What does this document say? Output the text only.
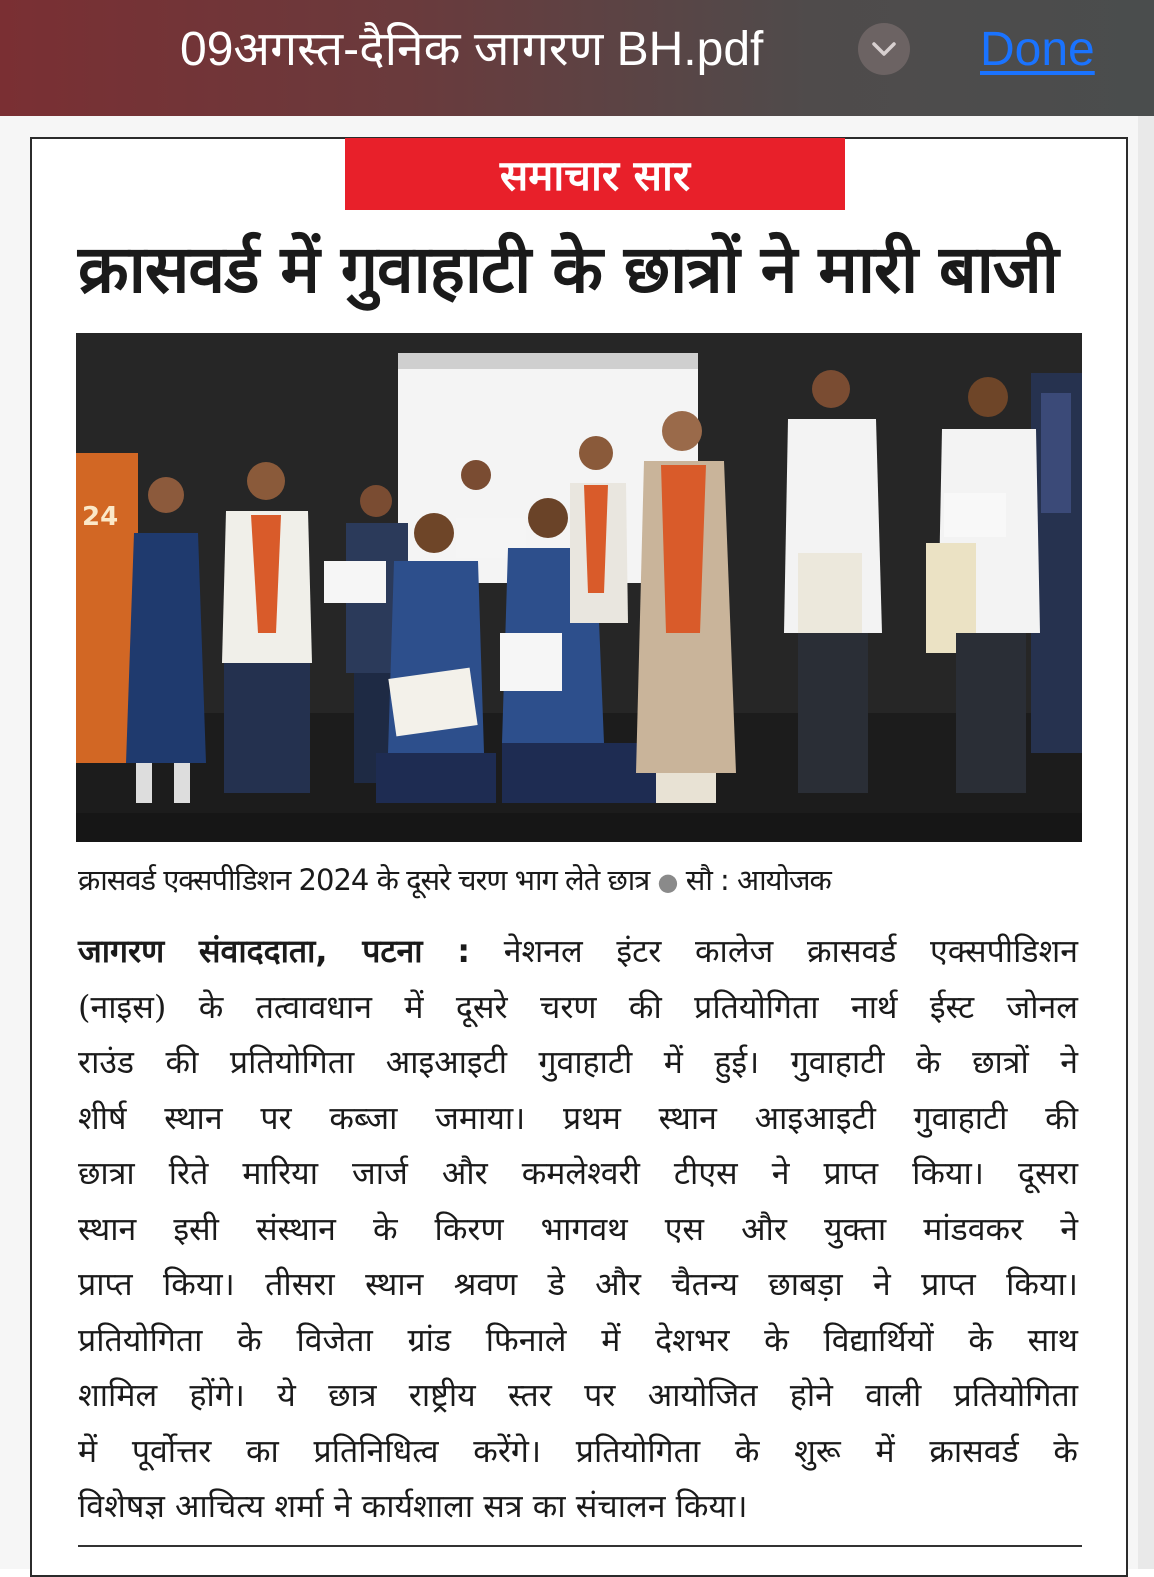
09अगस्त-दैनिक जागरण BH.pdf	Done
समाचार सार
क्रासवर्ड में गुवाहाटी के छात्रों ने मारी बाजी
24
क्रासवर्ड एक्सपीडिशन 2024 के दूसरे चरण भाग लेते छात्र ● सौ : आयोजक
जागरण संवाददाता, पटना : नेशनल इंटर कालेज क्रासवर्ड एक्सपीडिशन
(नाइस) के तत्वावधान में दूसरे चरण की प्रतियोगिता नार्थ ईस्ट जोनल
राउंड की प्रतियोगिता आइआइटी गुवाहाटी में हुई। गुवाहाटी के छात्रों ने
शीर्ष स्थान पर कब्जा जमाया। प्रथम स्थान आइआइटी गुवाहाटी की
छात्रा रिते मारिया जार्ज और कमलेश्वरी टीएस ने प्राप्त किया। दूसरा
स्थान इसी संस्थान के किरण भागवथ एस और युक्ता मांडवकर ने
प्राप्त किया। तीसरा स्थान श्रवण डे और चैतन्य छाबड़ा ने प्राप्त किया।
प्रतियोगिता के विजेता ग्रांड फिनाले में देशभर के विद्यार्थियों के साथ
शामिल होंगे। ये छात्र राष्ट्रीय स्तर पर आयोजित होने वाली प्रतियोगिता
में पूर्वोत्तर का प्रतिनिधित्व करेंगे। प्रतियोगिता के शुरू में क्रासवर्ड के
विशेषज्ञ आचित्य शर्मा ने कार्यशाला सत्र का संचालन किया।
